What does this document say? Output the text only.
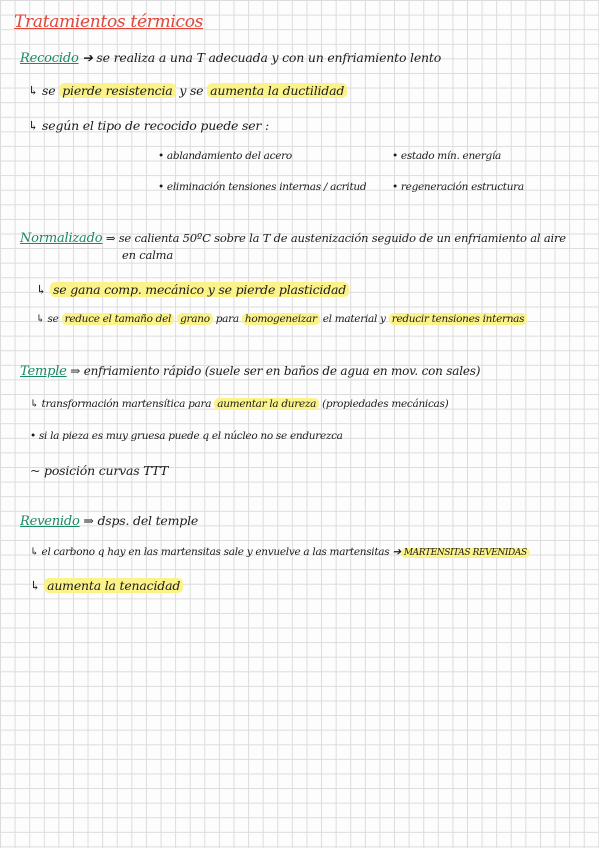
Tratamientos térmicos
Recocido ➔ se realiza a una T adecuada y con un enfriamiento lento
↳ se pierde resistencia y se aumenta la ductilidad
↳ según el tipo de recocido puede ser :
• ablandamiento del acero	• estado mín. energía
• eliminación tensiones internas / acritud • regeneración estructura
Normalizado ⇒ se calienta 50ºC sobre la T de austenización seguido de un enfriamiento al aire
en calma
↳ se gana comp. mecánico y se pierde plasticidad
↳ se reduce el tamaño del grano para homogeneizar el material y reducir tensiones internas
Temple ⇒ enfriamiento rápido (suele ser en baños de agua en mov. con sales)
↳ transformación martensítica para aumentar la dureza (propiedades mecánicas)
• si la pieza es muy gruesa puede q el núcleo no se endurezca
~ posición curvas TTT
Revenido ⇒ dsps. del temple
↳ el carbono q hay en las martensitas sale y envuelve a las martensitas ➔ MARTENSITAS REVENIDAS
↳ aumenta la tenacidad
